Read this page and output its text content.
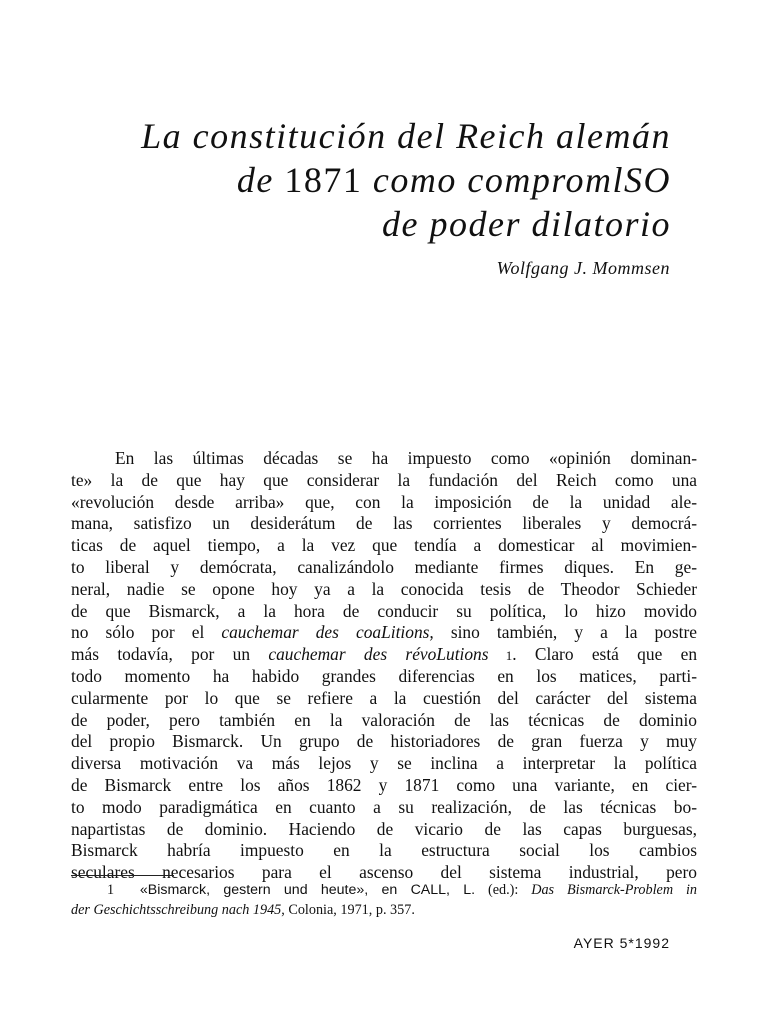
La constitución del Reich alemán
de 1871 como compromlSO
de poder dilatorio
Wolfgang J. Mommsen
En las últimas décadas se ha impuesto como «opinión dominan-
te» la de que hay que considerar la fundación del Reich como una
«revolución desde arriba» que, con la imposición de la unidad ale-
mana, satisfizo un desiderátum de las corrientes liberales y democrá-
ticas de aquel tiempo, a la vez que tendía a domesticar al movimien-
to liberal y demócrata, canalizándolo mediante firmes diques. En ge-
neral, nadie se opone hoy ya a la conocida tesis de Theodor Schieder
de que Bismarck, a la hora de conducir su política, lo hizo movido
no sólo por el cauchemar des coaLitions, sino también, y a la postre
más todavía, por un cauchemar des révoLutions 1. Claro está que en
todo momento ha habido grandes diferencias en los matices, parti-
cularmente por lo que se refiere a la cuestión del carácter del sistema
de poder, pero también en la valoración de las técnicas de dominio
del propio Bismarck. Un grupo de historiadores de gran fuerza y muy
diversa motivación va más lejos y se inclina a interpretar la política
de Bismarck entre los años 1862 y 1871 como una variante, en cier-
to modo paradigmática en cuanto a su realización, de las técnicas bo-
napartistas de dominio. Haciendo de vicario de las capas burguesas,
Bismarck habría impuesto en la estructura social los cambios
seculares necesarios para el ascenso del sistema industrial, pero
1 «Bismarck, gestern und heute», en CALL, L. (ed.): Das Bismarck-Problem in
der Geschichtsschreibung nach 1945, Colonia, 1971, p. 357.
AYER 5*1992
